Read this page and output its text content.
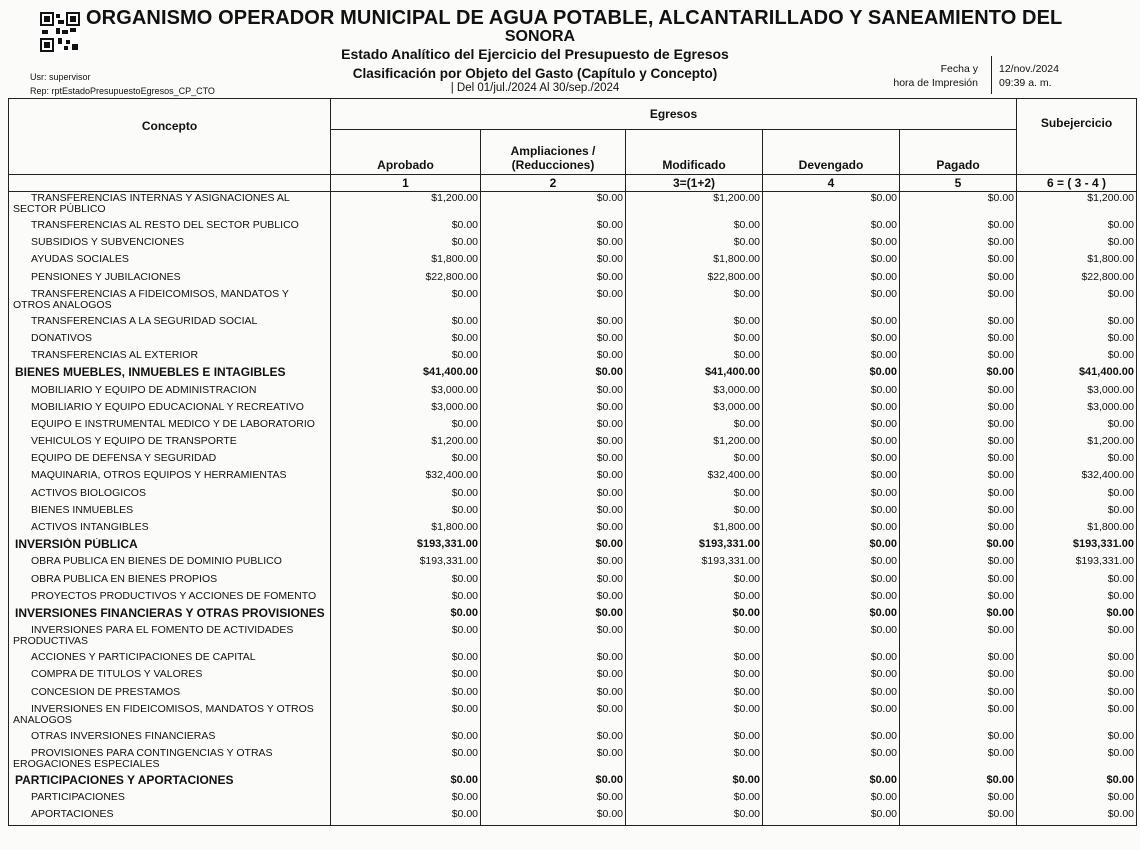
ORGANISMO OPERADOR MUNICIPAL DE AGUA POTABLE, ALCANTARILLADO Y SANEAMIENTO DEL
SONORA
Estado Analítico del Ejercicio del Presupuesto de Egresos
Clasificación por Objeto del Gasto (Capítulo y Concepto)
| Del 01/jul./2024 Al 30/sep./2024
Usr: supervisor
Rep: rptEstadoPresupuestoEgresos_CP_CTO
Fecha y
hora de Impresión
12/nov./2024
09:39 a. m.
Concepto	Egresos					Subejercicio
	Aprobado	Ampliaciones / (Reducciones)	Modificado	Devengado	Pagado	
	1	2	3=(1+2)	4	5	6 = ( 3 - 4 )
TRANSFERENCIAS INTERNAS Y ASIGNACIONES AL SECTOR PÚBLICO	$1,200.00	$0.00	$1,200.00	$0.00	$0.00	$1,200.00
TRANSFERENCIAS AL RESTO DEL SECTOR PUBLICO	$0.00	$0.00	$0.00	$0.00	$0.00	$0.00
SUBSIDIOS Y SUBVENCIONES	$0.00	$0.00	$0.00	$0.00	$0.00	$0.00
AYUDAS SOCIALES	$1,800.00	$0.00	$1,800.00	$0.00	$0.00	$1,800.00
PENSIONES Y JUBILACIONES	$22,800.00	$0.00	$22,800.00	$0.00	$0.00	$22,800.00
TRANSFERENCIAS A FIDEICOMISOS, MANDATOS Y OTROS ANALOGOS	$0.00	$0.00	$0.00	$0.00	$0.00	$0.00
TRANSFERENCIAS A LA SEGURIDAD SOCIAL	$0.00	$0.00	$0.00	$0.00	$0.00	$0.00
DONATIVOS	$0.00	$0.00	$0.00	$0.00	$0.00	$0.00
TRANSFERENCIAS AL EXTERIOR	$0.00	$0.00	$0.00	$0.00	$0.00	$0.00
BIENES MUEBLES, INMUEBLES E INTAGIBLES	$41,400.00	$0.00	$41,400.00	$0.00	$0.00	$41,400.00
MOBILIARIO Y EQUIPO DE ADMINISTRACION	$3,000.00	$0.00	$3,000.00	$0.00	$0.00	$3,000.00
MOBILIARIO Y EQUIPO EDUCACIONAL Y RECREATIVO	$3,000.00	$0.00	$3,000.00	$0.00	$0.00	$3,000.00
EQUIPO E INSTRUMENTAL MEDICO Y DE LABORATORIO	$0.00	$0.00	$0.00	$0.00	$0.00	$0.00
VEHICULOS Y EQUIPO DE TRANSPORTE	$1,200.00	$0.00	$1,200.00	$0.00	$0.00	$1,200.00
EQUIPO DE DEFENSA Y SEGURIDAD	$0.00	$0.00	$0.00	$0.00	$0.00	$0.00
MAQUINARIA, OTROS EQUIPOS Y HERRAMIENTAS	$32,400.00	$0.00	$32,400.00	$0.00	$0.00	$32,400.00
ACTIVOS BIOLOGICOS	$0.00	$0.00	$0.00	$0.00	$0.00	$0.00
BIENES INMUEBLES	$0.00	$0.00	$0.00	$0.00	$0.00	$0.00
ACTIVOS INTANGIBLES	$1,800.00	$0.00	$1,800.00	$0.00	$0.00	$1,800.00
INVERSIÓN PÚBLICA	$193,331.00	$0.00	$193,331.00	$0.00	$0.00	$193,331.00
OBRA PUBLICA EN BIENES DE DOMINIO PUBLICO	$193,331.00	$0.00	$193,331.00	$0.00	$0.00	$193,331.00
OBRA PUBLICA EN BIENES PROPIOS	$0.00	$0.00	$0.00	$0.00	$0.00	$0.00
PROYECTOS PRODUCTIVOS Y ACCIONES DE FOMENTO	$0.00	$0.00	$0.00	$0.00	$0.00	$0.00
INVERSIONES FINANCIERAS Y OTRAS PROVISIONES	$0.00	$0.00	$0.00	$0.00	$0.00	$0.00
INVERSIONES PARA EL FOMENTO DE ACTIVIDADES PRODUCTIVAS	$0.00	$0.00	$0.00	$0.00	$0.00	$0.00
ACCIONES Y PARTICIPACIONES DE CAPITAL	$0.00	$0.00	$0.00	$0.00	$0.00	$0.00
COMPRA DE TITULOS Y VALORES	$0.00	$0.00	$0.00	$0.00	$0.00	$0.00
CONCESION DE PRESTAMOS	$0.00	$0.00	$0.00	$0.00	$0.00	$0.00
INVERSIONES EN FIDEICOMISOS, MANDATOS Y OTROS ANALOGOS	$0.00	$0.00	$0.00	$0.00	$0.00	$0.00
OTRAS INVERSIONES FINANCIERAS	$0.00	$0.00	$0.00	$0.00	$0.00	$0.00
PROVISIONES PARA CONTINGENCIAS Y OTRAS EROGACIONES ESPECIALES	$0.00	$0.00	$0.00	$0.00	$0.00	$0.00
PARTICIPACIONES Y APORTACIONES	$0.00	$0.00	$0.00	$0.00	$0.00	$0.00
PARTICIPACIONES	$0.00	$0.00	$0.00	$0.00	$0.00	$0.00
APORTACIONES	$0.00	$0.00	$0.00	$0.00	$0.00	$0.00
